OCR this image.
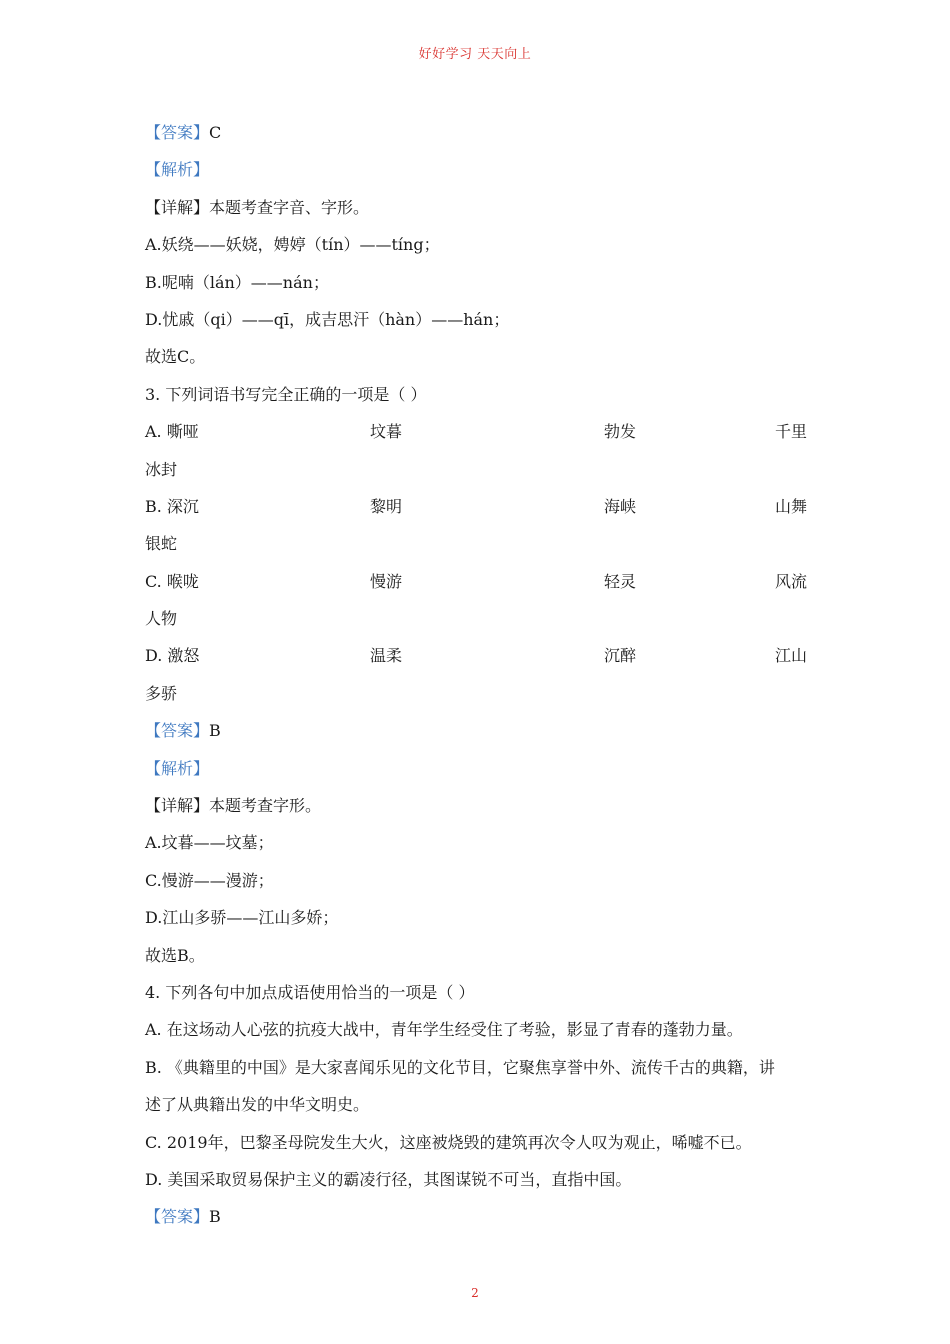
好好学习 天天向上
【答案】C
【解析】
【详解】本题考查字音、字形。
A.妖绕——妖娆，娉婷（tín）——tíng；
B.呢喃（lán）——nán；
D.忧戚（qi）——qī，成吉思汗（hàn）——hán；
故选C。
3. 下列词语书写完全正确的一项是（ ）
A. 嘶哑	坟暮	勃发	千里
冰封
B. 深沉	黎明	海峡	山舞
银蛇
C. 喉咙	慢游	轻灵	风流
人物
D. 激怒	温柔	沉醉	江山
多骄
【答案】B
【解析】
【详解】本题考查字形。
A.坟暮——坟墓；
C.慢游——漫游；
D.江山多骄——江山多娇；
故选B。
4. 下列各句中加点成语使用恰当的一项是（ ）
A. 在这场动人心弦的抗疫大战中，青年学生经受住了考验，影显了青春的蓬勃力量。
B. 《典籍里的中国》是大家喜闻乐见的文化节目，它聚焦享誉中外、流传千古的典籍，讲
述了从典籍出发的中华文明史。
C. 2019年，巴黎圣母院发生大火，这座被烧毁的建筑再次令人叹为观止，唏嘘不已。
D. 美国采取贸易保护主义的霸凌行径，其图谋锐不可当，直指中国。
【答案】B
2
